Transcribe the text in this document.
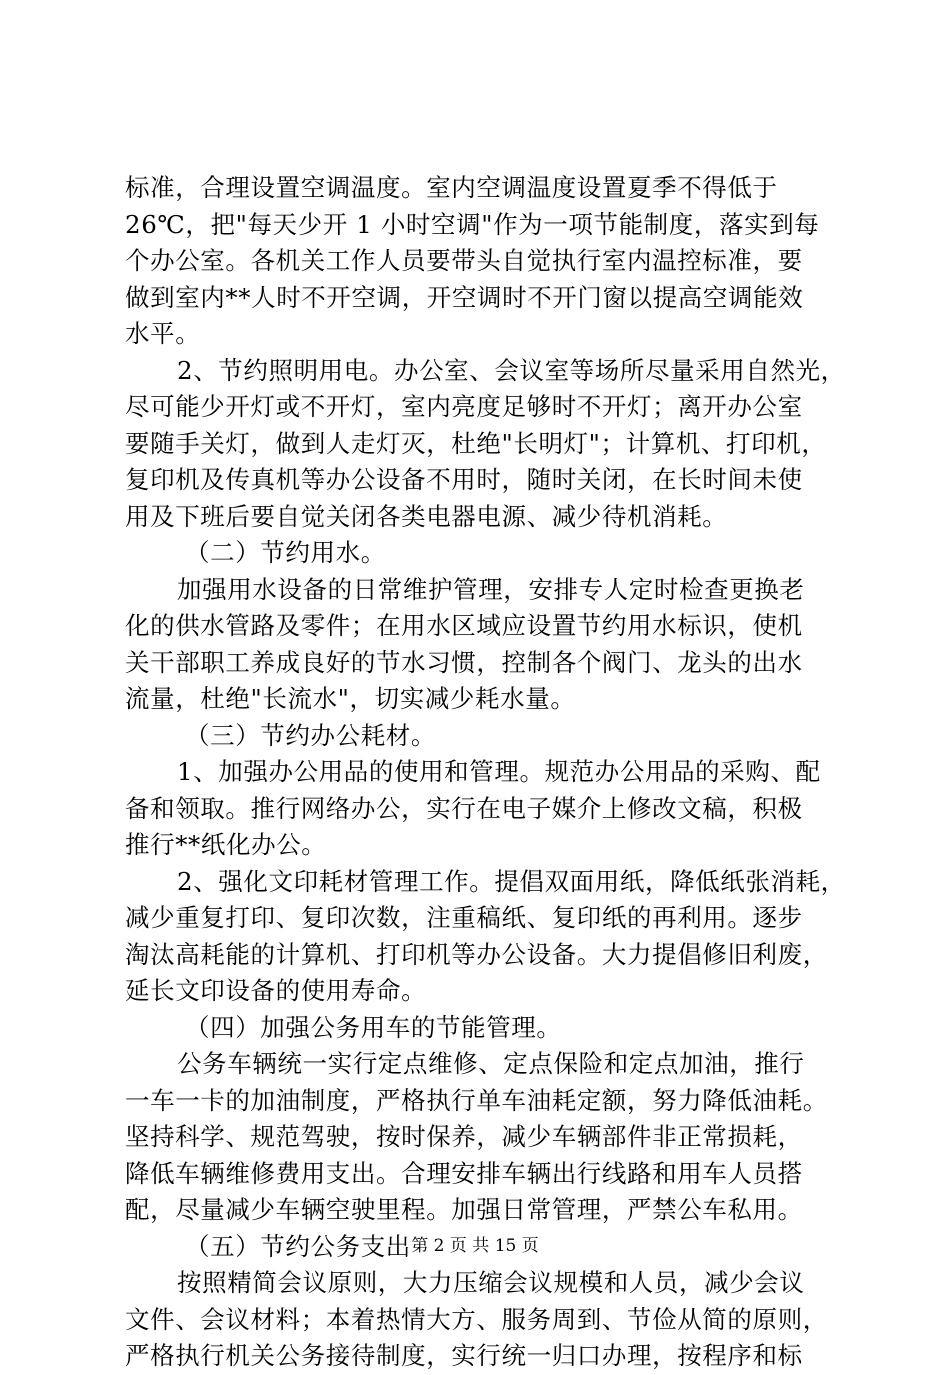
标准，合理设置空调温度。室内空调温度设置夏季不得低于
26℃，把"每天少开 1 小时空调"作为一项节能制度，落实到每
个办公室。各机关工作人员要带头自觉执行室内温控标准，要
做到室内**人时不开空调，开空调时不开门窗以提高空调能效
水平。
2、节约照明用电。办公室、会议室等场所尽量采用自然光，
尽可能少开灯或不开灯，室内亮度足够时不开灯；离开办公室
要随手关灯，做到人走灯灭，杜绝"长明灯"；计算机、打印机，
复印机及传真机等办公设备不用时，随时关闭，在长时间未使
用及下班后要自觉关闭各类电器电源、减少待机消耗。
（二）节约用水。
加强用水设备的日常维护管理，安排专人定时检查更换老
化的供水管路及零件；在用水区域应设置节约用水标识，使机
关干部职工养成良好的节水习惯，控制各个阀门、龙头的出水
流量，杜绝"长流水"，切实减少耗水量。
（三）节约办公耗材。
1、加强办公用品的使用和管理。规范办公用品的采购、配
备和领取。推行网络办公，实行在电子媒介上修改文稿，积极
推行**纸化办公。
2、强化文印耗材管理工作。提倡双面用纸，降低纸张消耗，
减少重复打印、复印次数，注重稿纸、复印纸的再利用。逐步
淘汰高耗能的计算机、打印机等办公设备。大力提倡修旧利废，
延长文印设备的使用寿命。
（四）加强公务用车的节能管理。
公务车辆统一实行定点维修、定点保险和定点加油，推行
一车一卡的加油制度，严格执行单车油耗定额，努力降低油耗。
坚持科学、规范驾驶，按时保养，减少车辆部件非正常损耗，
降低车辆维修费用支出。合理安排车辆出行线路和用车人员搭
配，尽量减少车辆空驶里程。加强日常管理，严禁公车私用。
（五）节约公务支出
按照精简会议原则，大力压缩会议规模和人员，减少会议
文件、会议材料；本着热情大方、服务周到、节俭从简的原则，
严格执行机关公务接待制度，实行统一归口办理，按程序和标
第 2 页 共 15 页
